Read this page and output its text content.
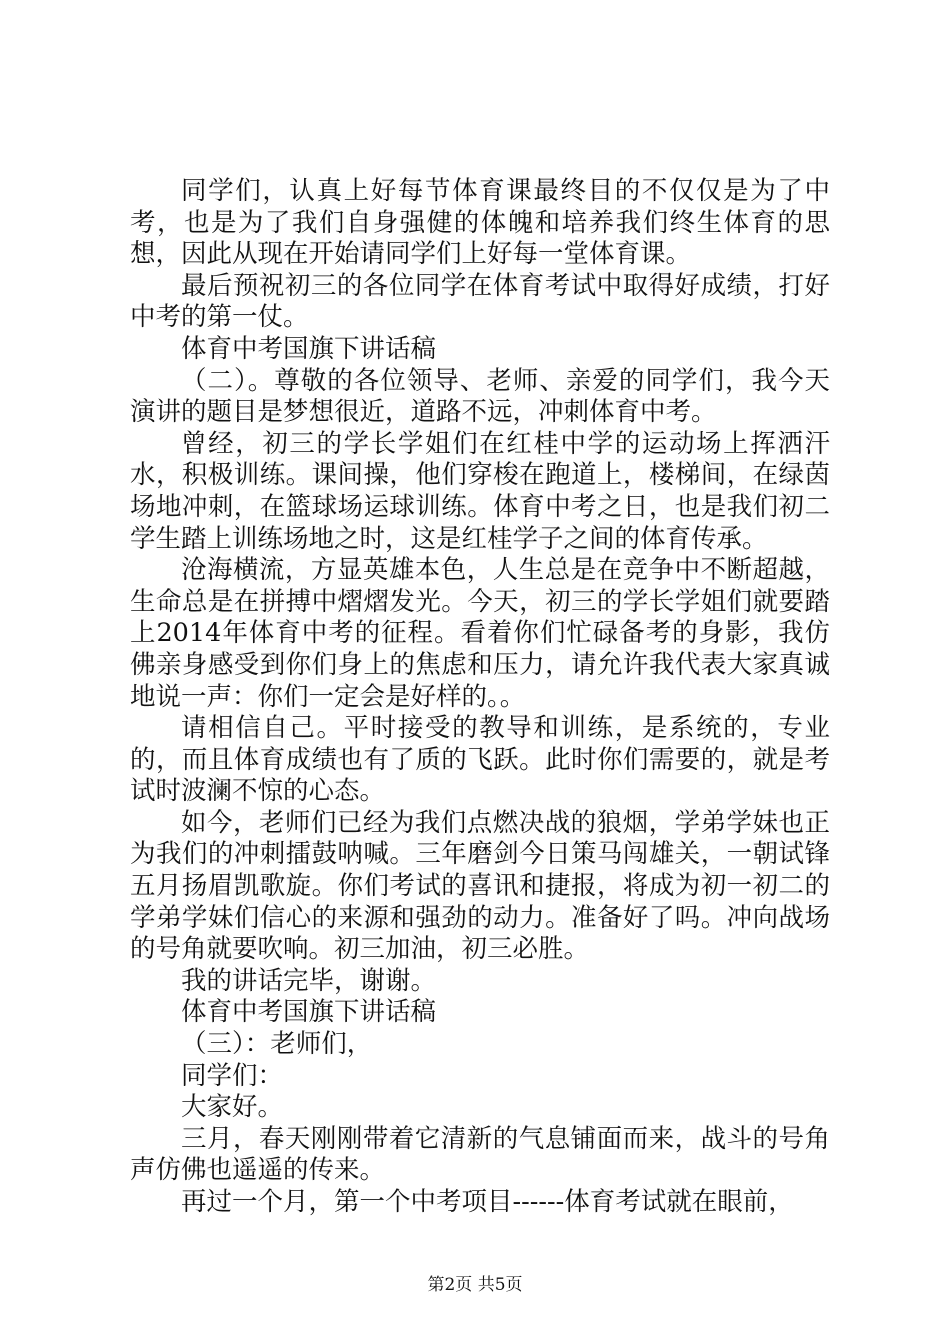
同学们，认真上好每节体育课最终目的不仅仅是为了中考，也是为了我们自身强健的体魄和培养我们终生体育的思想，因此从现在开始请同学们上好每一堂体育课。

最后预祝初三的各位同学在体育考试中取得好成绩，打好中考的第一仗。

体育中考国旗下讲话稿

（二）。尊敬的各位领导、老师、亲爱的同学们，我今天演讲的题目是梦想很近，道路不远，冲刺体育中考。

曾经，初三的学长学姐们在红桂中学的运动场上挥洒汗水，积极训练。课间操，他们穿梭在跑道上，楼梯间，在绿茵场地冲刺，在篮球场运球训练。体育中考之日，也是我们初二学生踏上训练场地之时，这是红桂学子之间的体育传承。

沧海横流，方显英雄本色，人生总是在竞争中不断超越，生命总是在拼搏中熠熠发光。今天，初三的学长学姐们就要踏上2014年体育中考的征程。看着你们忙碌备考的身影，我仿佛亲身感受到你们身上的焦虑和压力，请允许我代表大家真诚地说一声：你们一定会是好样的。。

请相信自己。平时接受的教导和训练，是系统的，专业的，而且体育成绩也有了质的飞跃。此时你们需要的，就是考试时波澜不惊的心态。

如今，老师们已经为我们点燃决战的狼烟，学弟学妹也正为我们的冲刺擂鼓呐喊。三年磨剑今日策马闯雄关，一朝试锋五月扬眉凯歌旋。你们考试的喜讯和捷报，将成为初一初二的学弟学妹们信心的来源和强劲的动力。准备好了吗。冲向战场的号角就要吹响。初三加油，初三必胜。

我的讲话完毕，谢谢。

体育中考国旗下讲话稿

（三）：老师们，

同学们：

大家好。

三月，春天刚刚带着它清新的气息铺面而来，战斗的号角声仿佛也遥遥的传来。

再过一个月，第一个中考项目------体育考试就在眼前，

第2页 共5页
